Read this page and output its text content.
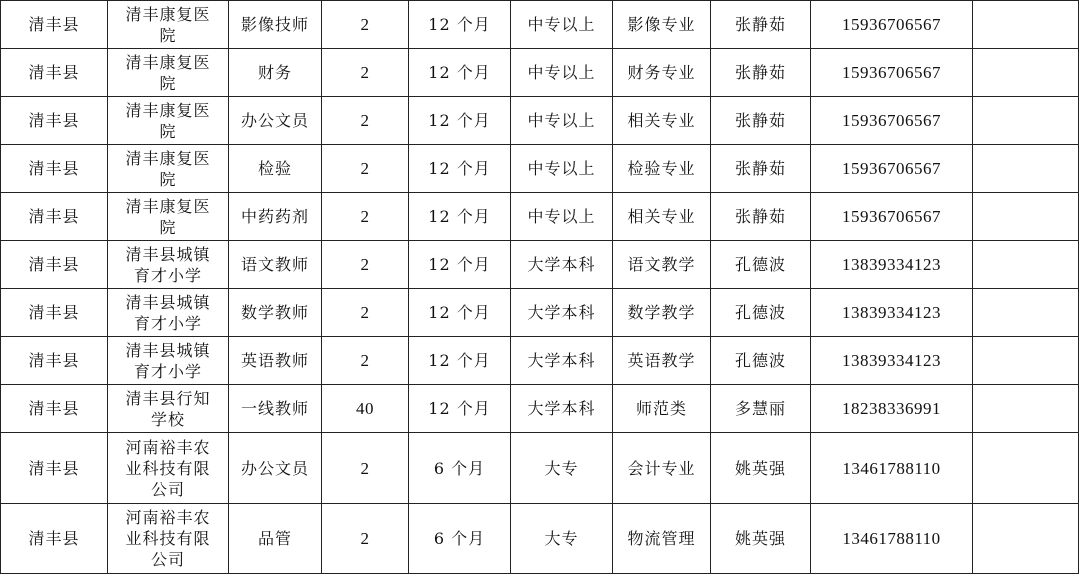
清丰县	清丰康复医院	影像技师	2	12 个月	中专以上	影像专业	张静茹	15936706567	
清丰县	清丰康复医院	财务	2	12 个月	中专以上	财务专业	张静茹	15936706567	
清丰县	清丰康复医院	办公文员	2	12 个月	中专以上	相关专业	张静茹	15936706567	
清丰县	清丰康复医院	检验	2	12 个月	中专以上	检验专业	张静茹	15936706567	
清丰县	清丰康复医院	中药药剂	2	12 个月	中专以上	相关专业	张静茹	15936706567	
清丰县	清丰县城镇育才小学	语文教师	2	12 个月	大学本科	语文教学	孔德波	13839334123	
清丰县	清丰县城镇育才小学	数学教师	2	12 个月	大学本科	数学教学	孔德波	13839334123	
清丰县	清丰县城镇育才小学	英语教师	2	12 个月	大学本科	英语教学	孔德波	13839334123	
清丰县	清丰县行知学校	一线教师	40	12 个月	大学本科	师范类	多慧丽	18238336991	
清丰县	河南裕丰农业科技有限公司	办公文员	2	6 个月	大专	会计专业	姚英强	13461788110	
清丰县	河南裕丰农业科技有限公司	品管	2	6 个月	大专	物流管理	姚英强	13461788110	
